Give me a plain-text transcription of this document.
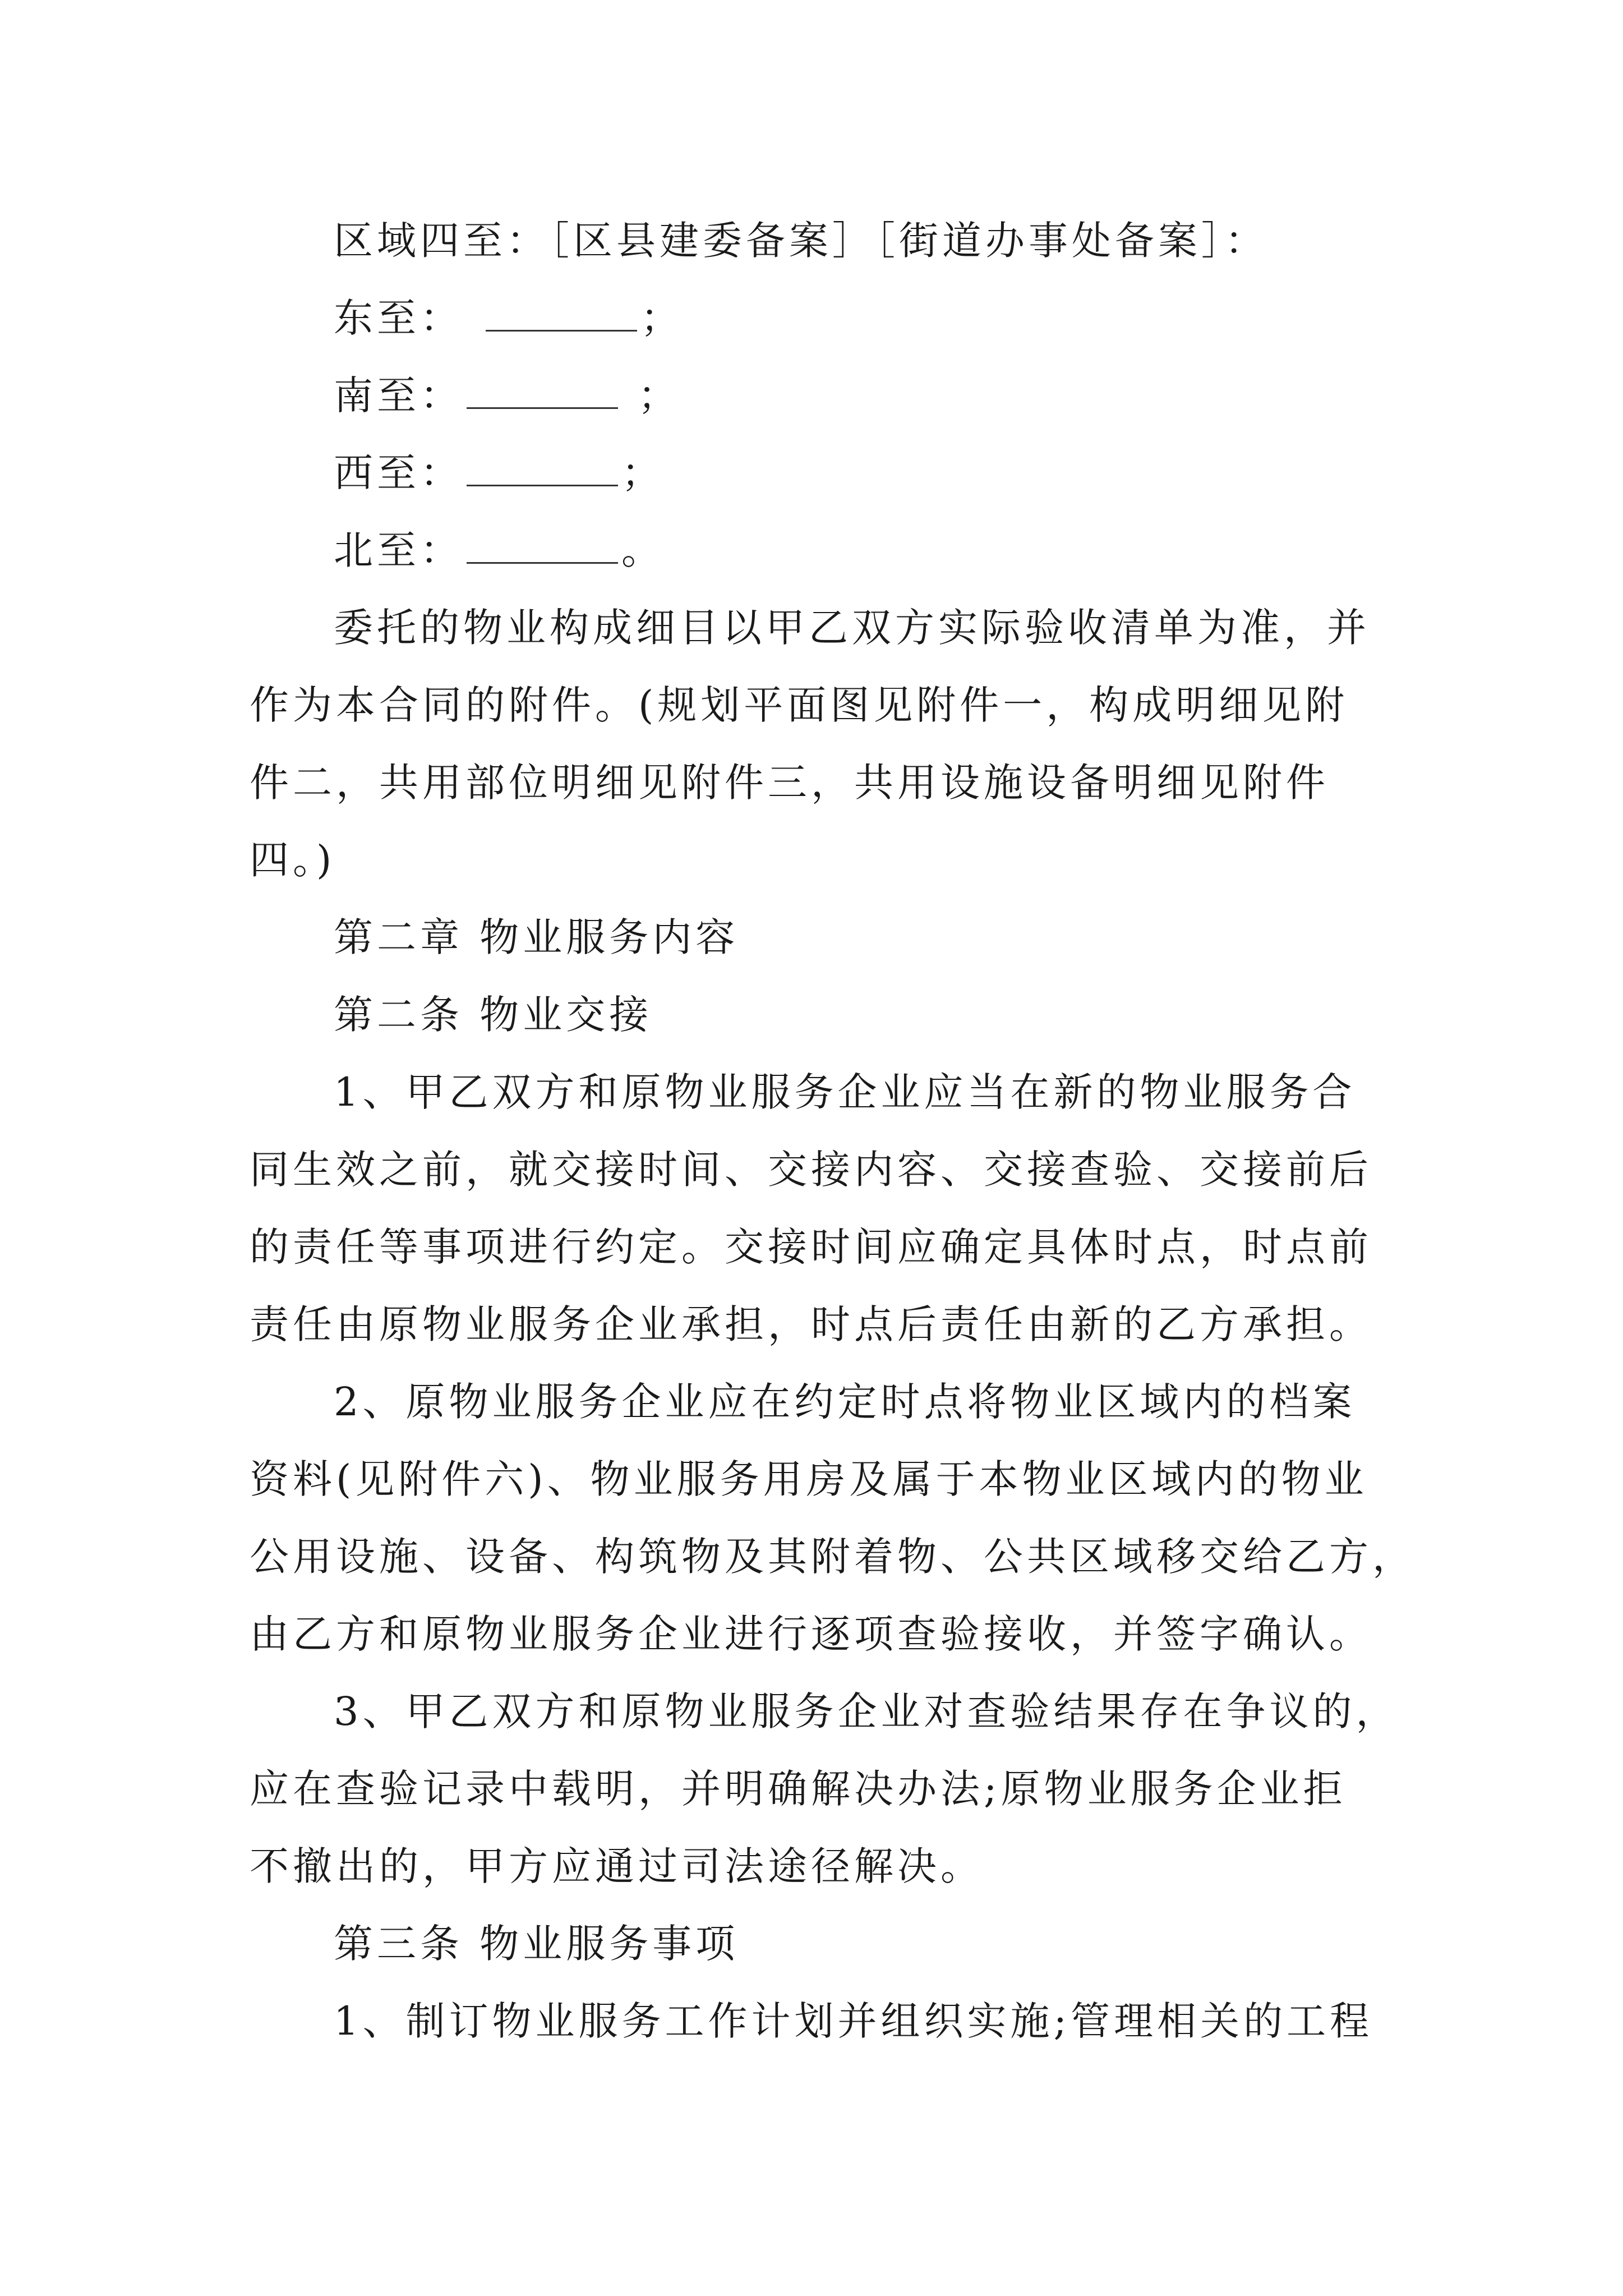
区域四至：［区县建委备案］［街道办事处备案］：
东至：	；
南至：	；
西至：	；
北至：	。
委托的物业构成细目以甲乙双方实际验收清单为准，并
作为本合同的附件。(规划平面图见附件一，构成明细见附
件二，共用部位明细见附件三，共用设施设备明细见附件
四。)
第二章 物业服务内容
第二条 物业交接
1、甲乙双方和原物业服务企业应当在新的物业服务合
同生效之前，就交接时间、交接内容、交接查验、交接前后
的责任等事项进行约定。交接时间应确定具体时点，时点前
责任由原物业服务企业承担，时点后责任由新的乙方承担。
2、原物业服务企业应在约定时点将物业区域内的档案
资料(见附件六)、物业服务用房及属于本物业区域内的物业
公用设施、设备、构筑物及其附着物、公共区域移交给乙方，
由乙方和原物业服务企业进行逐项查验接收，并签字确认。
3、甲乙双方和原物业服务企业对查验结果存在争议的，
应在查验记录中载明，并明确解决办法;原物业服务企业拒
不撤出的，甲方应通过司法途径解决。
第三条 物业服务事项
1、制订物业服务工作计划并组织实施;管理相关的工程
